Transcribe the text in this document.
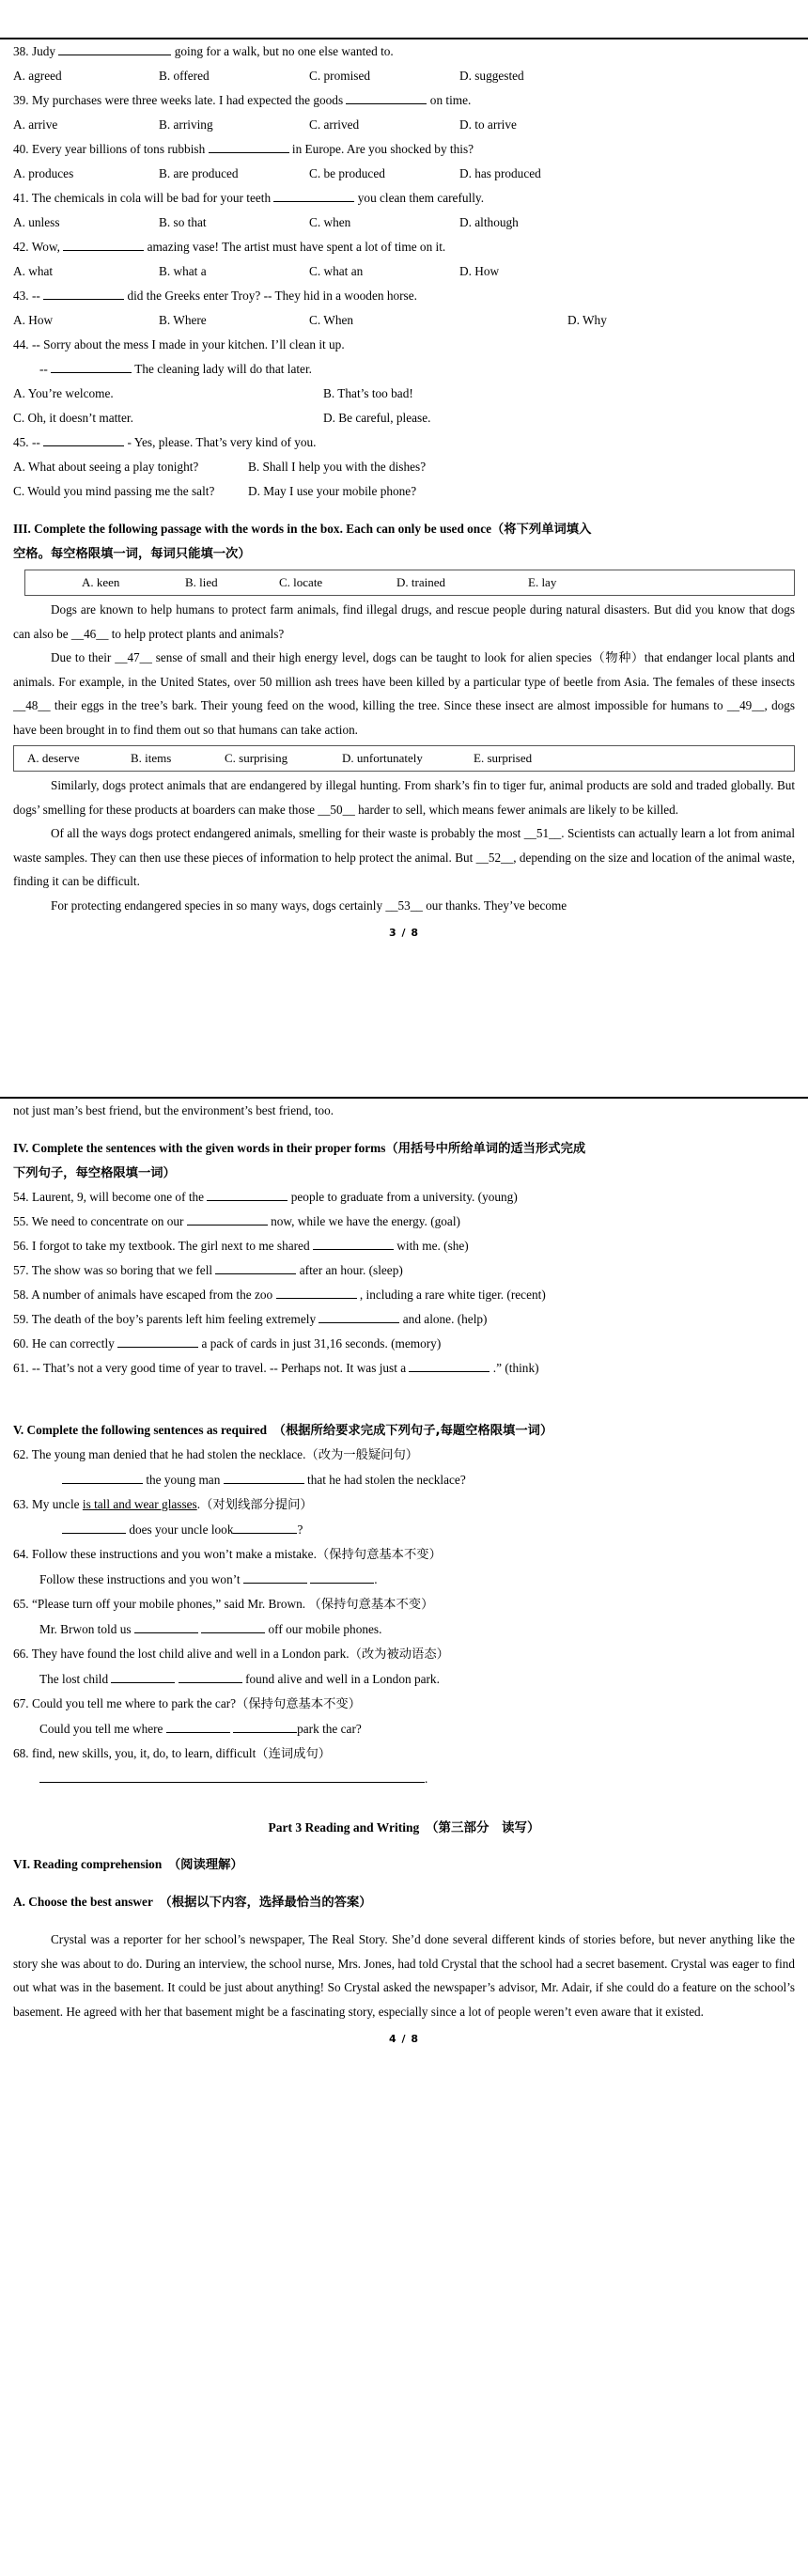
38. Judy	going for a walk, but no one else wanted to.

A. agreed	B. offered	C. promised	D. suggested

39. My purchases were three weeks late. I had expected the goods	on time.

A. arrive	B. arriving	C. arrived	D. to arrive

40. Every year billions of tons rubbish	in Europe. Are you shocked by this?

A. produces	B. are produced	C. be produced	D. has produced

41. The chemicals in cola will be bad for your teeth	you clean them carefully.

A. unless	B. so that	C. when	D. although

42. Wow,	amazing vase! The artist must have spent a lot of time on it.

A. what	B. what a	C. what an	D. How

43. --	did the Greeks enter Troy? -- They hid in a wooden horse.

A. How	B. Where	C. When	D. Why

44. -- Sorry about the mess I made in your kitchen. I’ll clean it up.

--	The cleaning lady will do that later.

A. You’re welcome.	B. That’s too bad!
C. Oh, it doesn’t matter.	D. Be careful, please.

45. --	- Yes, please. That’s very kind of you.

A. What about seeing a play tonight?	B. Shall I help you with the dishes?
C. Would you mind passing me the salt?	D. May I use your mobile phone?
III. Complete the following passage with the words in the box. Each can only be used once（将下列单词填入
空格。每空格限填一词，每词只能填一次）
A. keen	B. lied	C. locate	D. trained	E. lay

Dogs are known to help humans to protect farm animals, find illegal drugs, and rescue people during natural disasters. But did you know that dogs can also be __46__ to help protect plants and animals?

Due to their __47__ sense of small and their high energy level, dogs can be taught to look for alien species（物种）that endanger local plants and animals. For example, in the United States, over 50 million ash trees have been killed by a particular type of beetle from Asia. The females of these insects __48__ their eggs in the tree’s bark. Their young feed on the wood, killing the tree. Since these insect are almost impossible for humans to __49__, dogs have been brought in to find them out so that humans can take action.

A. deserve	B. items	C. surprising	D. unfortunately	E. surprised

Similarly, dogs protect animals that are endangered by illegal hunting. From shark’s fin to tiger fur, animal products are sold and traded globally. But dogs’ smelling for these products at boarders can make those __50__ harder to sell, which means fewer animals are likely to be killed.

Of all the ways dogs protect endangered animals, smelling for their waste is probably the most __51__. Scientists can actually learn a lot from animal waste samples. They can then use these pieces of information to help protect the animal. But __52__, depending on the size and location of the animal waste, finding it can be difficult.

For protecting endangered species in so many ways, dogs certainly __53__ our thanks. They’ve become

3 / 8

not just man’s best friend, but the environment’s best friend, too.

IV. Complete the sentences with the given words in their proper forms（用括号中所给单词的适当形式完成
下列句子，每空格限填一词）

54. Laurent, 9, will become one of the	people to graduate from a university. (young)

55. We need to concentrate on our	now, while we have the energy. (goal)

56. I forgot to take my textbook. The girl next to me shared	with me. (she)

57. The show was so boring that we fell	after an hour. (sleep)

58. A number of animals have escaped from the zoo	, including a rare white tiger. (recent)

59. The death of the boy’s parents left him feeling extremely	and alone. (help)

60. He can correctly	a pack of cards in just 31,16 seconds. (memory)

61. -- That’s not a very good time of year to travel. -- Perhaps not. It was just a	.” (think)

V. Complete the following sentences as required （根据所给要求完成下列句子,每题空格限填一词）

62. The young man denied that he had stolen the necklace.（改为一般疑问句）

the young man	that he had stolen the necklace?

63. My uncle is tall and wear glasses.（对划线部分提问）

does your uncle look	?

64. Follow these instructions and you won’t make a mistake.（保持句意基本不变）

Follow these instructions and you won’t	.

65. “Please turn off your mobile phones,” said Mr. Brown. （保持句意基本不变）

Mr. Brwon told us	off our mobile phones.

66. They have found the lost child alive and well in a London park.（改为被动语态）

The lost child	found alive and well in a London park.

67. Could you tell me where to park the car?（保持句意基本不变）

Could you tell me where	park the car?

68. find, new skills, you, it, do, to learn, difficult（连词成句）

.

Part 3 Reading and Writing （第三部分　读写）

VI. Reading comprehension （阅读理解）

A. Choose the best answer （根据以下内容，选择最恰当的答案）

Crystal was a reporter for her school’s newspaper, The Real Story. She’d done several different kinds of stories before, but never anything like the story she was about to do. During an interview, the school nurse, Mrs. Jones, had told Crystal that the school had a secret basement. Crystal was eager to find out what was in the basement. It could be just about anything! So Crystal asked the newspaper’s advisor, Mr. Adair, if she could do a feature on the school’s basement. He agreed with her that basement might be a fascinating story, especially since a lot of people weren’t even aware that it existed.

4 / 8
